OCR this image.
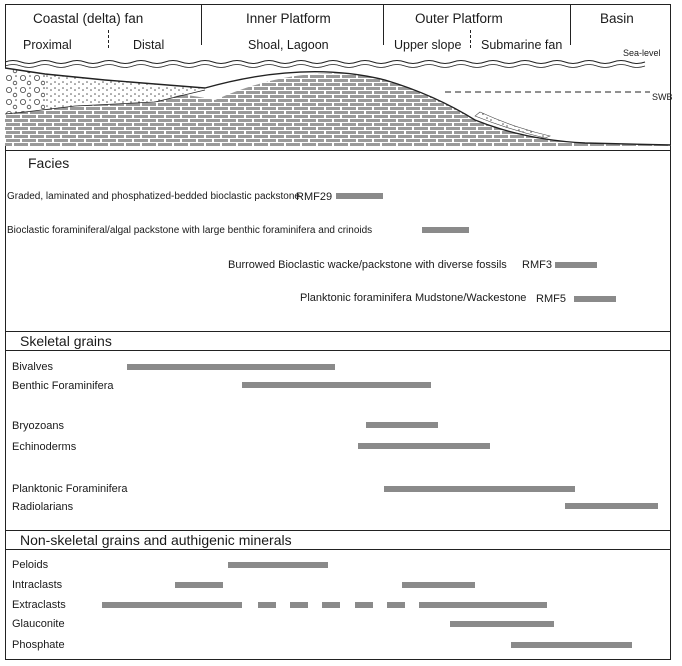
Coastal (delta) fan	Inner Platform	Outer Platform	Basin
Proximal	Distal	Shoal, Lagoon	Upper slope Submarine fan
Sea-level
SWB
Facies
Graded, laminated and phosphatized-bedded bioclastic packstone
RMF29
Bioclastic foraminiferal/algal packstone with large benthic foraminifera and crinoids
Burrowed Bioclastic wacke/packstone with diverse fossils RMF3
Planktonic foraminifera Mudstone/Wackestone RMF5
Skeletal grains
Bivalves
Benthic Foraminifera
Bryozoans
Echinoderms
Planktonic Foraminifera
Radiolarians
Non-skeletal grains and authigenic minerals
Peloids
Intraclasts
Extraclasts
Glauconite
Phosphate
